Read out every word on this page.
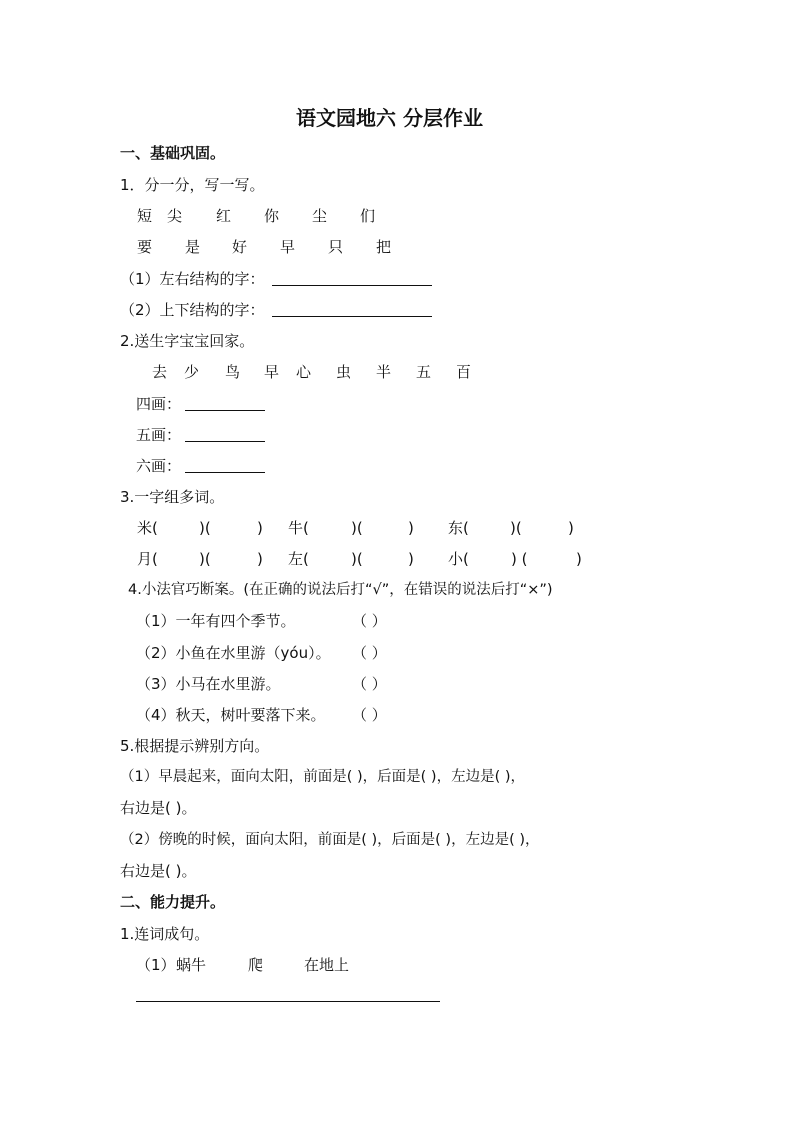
语文园地六 分层作业
一、基础巩固。
1．分一分，写一写。
短 尖 红 你 尘 们
要 是 好 早 只 把
（1）左右结构的字：
（2）上下结构的字：
2.送生字宝宝回家。
去 少 鸟 早 心 虫 半 五 百
四画：
五画：
六画：
3.一字组多词。
米(	)(	) 牛(	)(	) 东(	)(	)
月(	)(	) 左(	)(	) 小(	) (	)
4.小法官巧断案。(在正确的说法后打“√”，在错误的说法后打“×”)
（1）一年有四个季节。	（ ）
（2）小鱼在水里游（yóu）。 （ ）
（3）小马在水里游。	（ ）
（4）秋天，树叶要落下来。 （ ）
5.根据提示辨别方向。
（1）早晨起来，面向太阳，前面是( )，后面是( )，左边是( )，
右边是( )。
（2）傍晚的时候，面向太阳，前面是( )，后面是( )，左边是( )，
右边是( )。
二、能力提升。
1.连词成句。
（1） 蜗牛	爬	在地上
